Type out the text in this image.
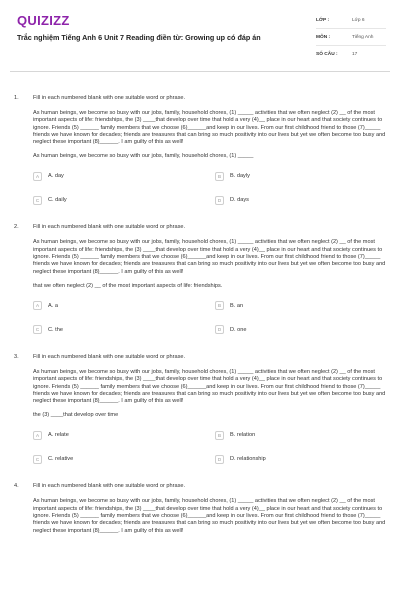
QUIZIZZ
Trắc nghiệm Tiếng Anh 6 Unit 7 Reading điền từ: Growing up có đáp án
LỚP :	Lớp 6
MÔN :	Tiếng Anh
SỐ CÂU :	17
1.	Fill in each numbered blank with one suitable word or phrase.
As human beings, we become so busy with our jobs, family, household chores, (1) _____ activities that we often neglect (2) __ of the most important aspects of life: friendships, the (3) ____that develop over time that hold a very (4)__ place in our heart and that society continues to ignore. Friends (5) ______ family members that we choose (6)______and keep in our lives. From our first childhood friend to those (7)_____ friends we have known for decades; friends are treasures that can bring so much positivity into our lives but yet we often become too busy and neglect these important (8)______. I am guilty of this as well!
As human beings, we become so busy with our jobs, family, household chores, (1) _____
A	A. day	B	B. dayly
C	C. daily	D	D. days
2.	Fill in each numbered blank with one suitable word or phrase.
As human beings, we become so busy with our jobs, family, household chores, (1) _____ activities that we often neglect (2) __ of the most important aspects of life: friendships, the (3) ____that develop over time that hold a very (4)__ place in our heart and that society continues to ignore. Friends (5) ______ family members that we choose (6)______and keep in our lives. From our first childhood friend to those (7)_____ friends we have known for decades; friends are treasures that can bring so much positivity into our lives but yet we often become too busy and neglect these important (8)______. I am guilty of this as well!
that we often neglect (2) __ of the most important aspects of life: friendships.
A	A. a	B	B. an
C	C. the	D	D. one
3.	Fill in each numbered blank with one suitable word or phrase.
As human beings, we become so busy with our jobs, family, household chores, (1) _____ activities that we often neglect (2) __ of the most important aspects of life: friendships, the (3) ____that develop over time that hold a very (4)__ place in our heart and that society continues to ignore. Friends (5) ______ family members that we choose (6)______and keep in our lives. From our first childhood friend to those (7)_____ friends we have known for decades; friends are treasures that can bring so much positivity into our lives but yet we often become too busy and neglect these important (8)______. I am guilty of this as well!
the (3) ____that develop over time
A	A. relate	B	B. relation
C	C. relative	D	D. relationship
4.	Fill in each numbered blank with one suitable word or phrase.
As human beings, we become so busy with our jobs, family, household chores, (1) _____ activities that we often neglect (2) __ of the most important aspects of life: friendships, the (3) ____that develop over time that hold a very (4)__ place in our heart and that society continues to ignore. Friends (5) ______ family members that we choose (6)______and keep in our lives. From our first childhood friend to those (7)_____ friends we have known for decades; friends are treasures that can bring so much positivity into our lives but yet we often become too busy and neglect these important (8)______. I am guilty of this as well!
